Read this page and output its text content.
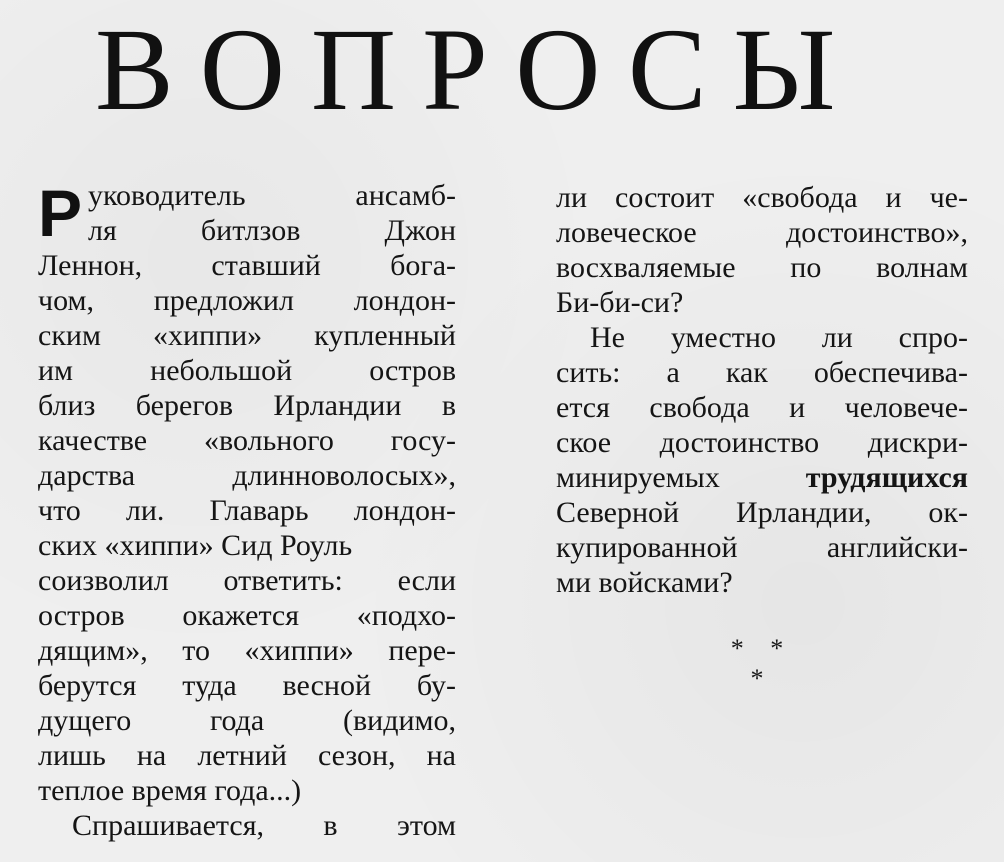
ВОПРОСЫ
Р уководитель ансамб-
ля битлзов Джон
Леннон, ставший бога-
чом, предложил лондон-
ским «хиппи» купленный
им небольшой остров
близ берегов Ирландии в
качестве «вольного госу-
дарства длинноволосых»,
что ли. Главарь лондон-
ских «хиппи» Сид Роуль
соизволил ответить: если
остров окажется «подхо-
дящим», то «хиппи» пере-
берутся туда весной бу-
дущего года (видимо,
лишь на летний сезон, на
теплое время года...)
Спрашивается, в этом
ли состоит «свобода и че-
ловеческое достоинство»,
восхваляемые по волнам
Би-би-си?
Не уместно ли спро-
сить: а как обеспечива-
ется свобода и человече-
ское достоинство дискри-
минируемых трудящихся
Северной Ирландии, ок-
купированной английски-
ми войсками?
* * *
